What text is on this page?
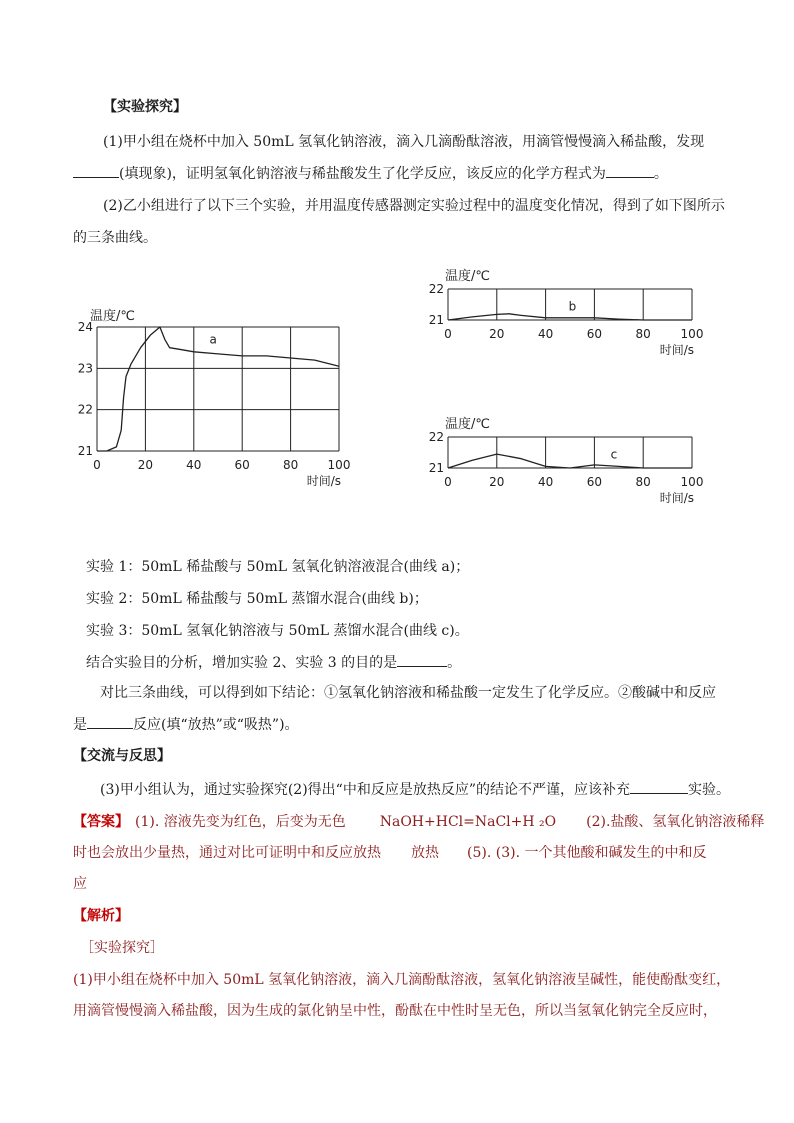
【实验探究】
(1)甲小组在烧杯中加入 50mL 氢氧化钠溶液，滴入几滴酚酞溶液，用滴管慢慢滴入稀盐酸，发现
(填现象)，证明氢氧化钠溶液与稀盐酸发生了化学反应，该反应的化学方程式为	。
(2)乙小组进行了以下三个实验，并用温度传感器测定实验过程中的温度变化情况，得到了如下图所示
的三条曲线。
温度/℃
0	20	40	60	80 100
21
22
23
24
时间/s
a
温度/℃
0	20	40	60	80 100
21
22
时间/s
b
温度/℃
0	20	40	60	80 100
21
22
时间/s
c
实验 1：50mL 稀盐酸与 50mL 氢氧化钠溶液混合(曲线 a)；
实验 2：50mL 稀盐酸与 50mL 蒸馏水混合(曲线 b)；
实验 3：50mL 氢氧化钠溶液与 50mL 蒸馏水混合(曲线 c)。
结合实验目的分析，增加实验 2、实验 3 的目的是	。
对比三条曲线，可以得到如下结论：①氢氧化钠溶液和稀盐酸一定发生了化学反应。②酸碱中和反应
是	反应(填“放热”或“吸热”)。
【交流与反思】
(3)甲小组认为，通过实验探究(2)得出“中和反应是放热反应”的结论不严谨，应该补充	实验。
【答案】 (1). 溶液先变为红色，后变为无色 NaOH+HCl=NaCl+H ₂O (2).盐酸、氢氧化钠溶液稀释
时也会放出少量热，通过对比可证明中和反应放热 放热 (5). (3). 一个其他酸和碱发生的中和反
应
【解析】
［实验探究］
(1)甲小组在烧杯中加入 50mL 氢氧化钠溶液，滴入几滴酚酞溶液，氢氧化钠溶液呈碱性，能使酚酞变红，
用滴管慢慢滴入稀盐酸，因为生成的氯化钠呈中性，酚酞在中性时呈无色，所以当氢氧化钠完全反应时，
